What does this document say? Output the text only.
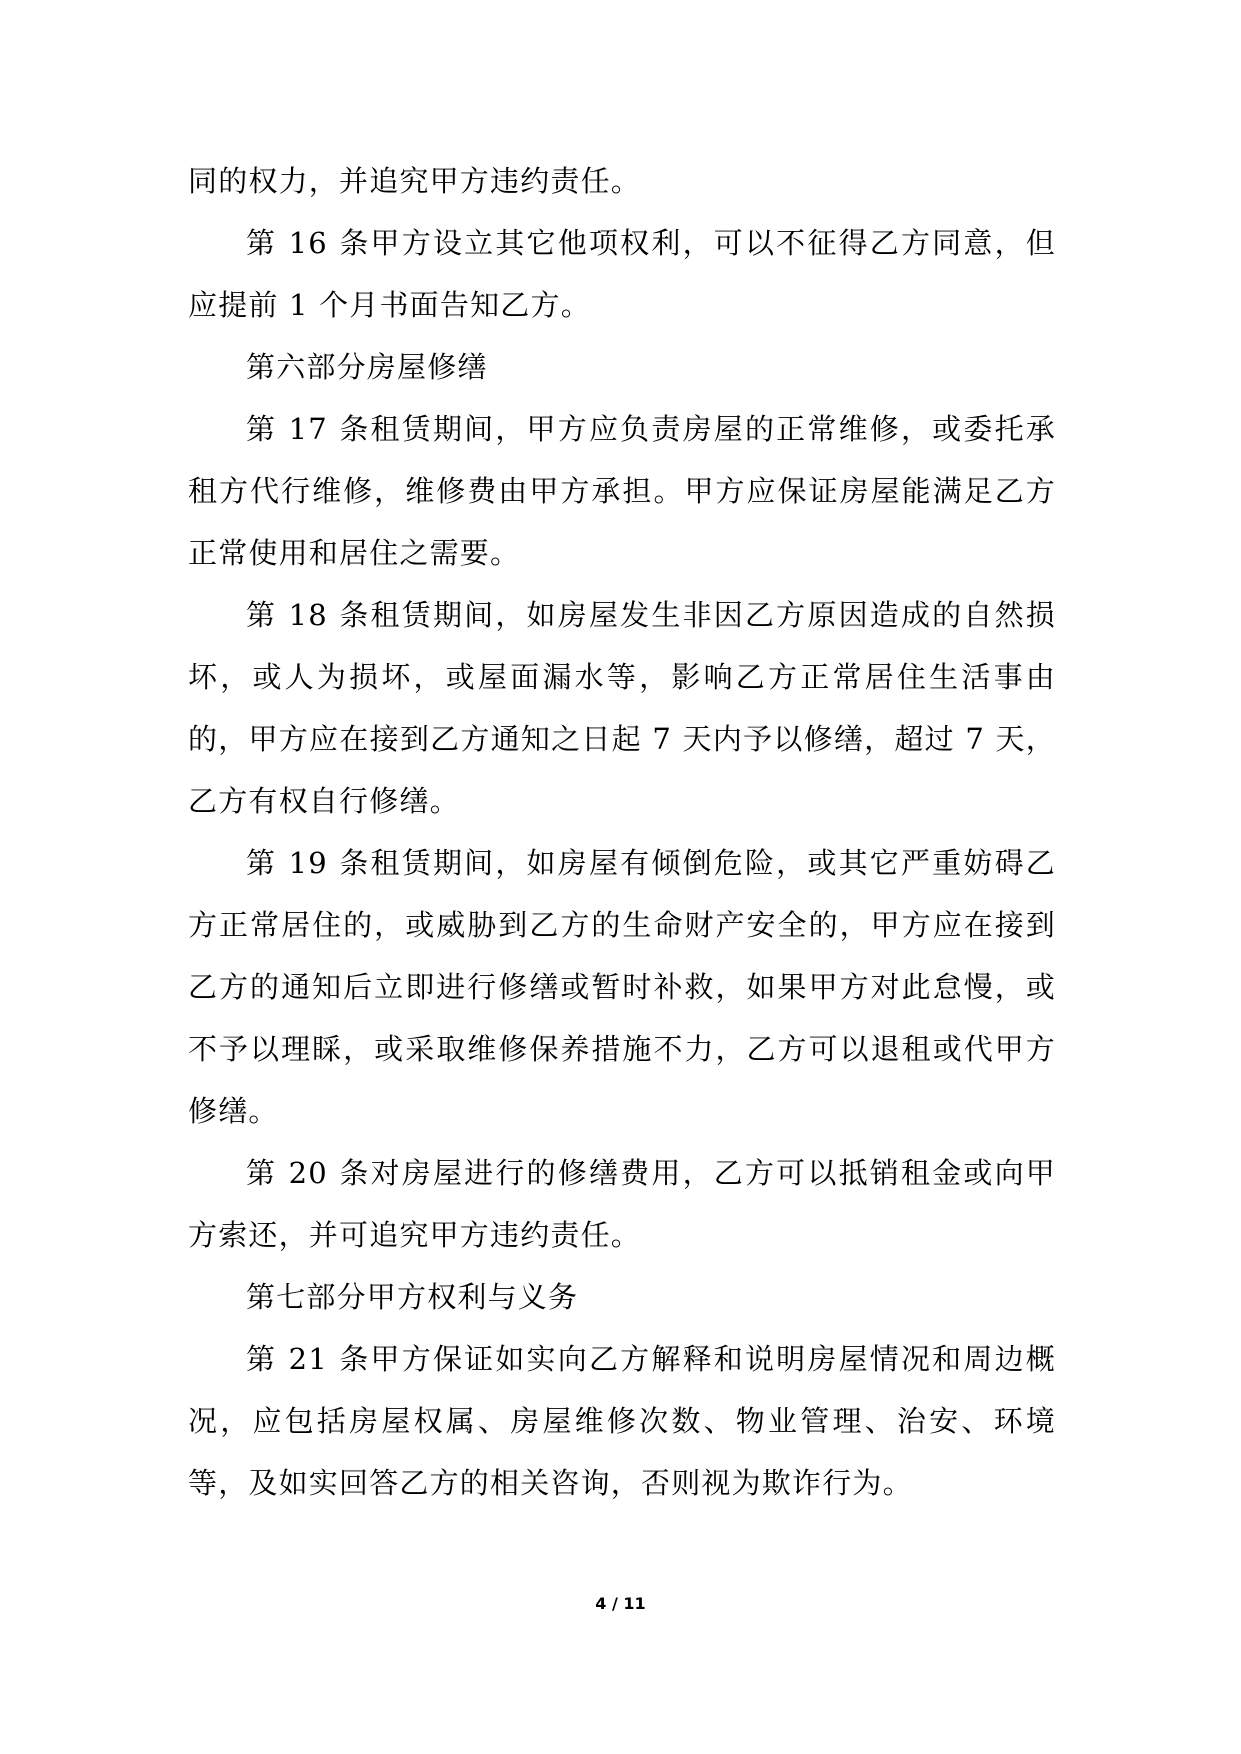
同的权力，并追究甲方违约责任。

第 16 条甲方设立其它他项权利，可以不征得乙方同意，但应提前 1 个月书面告知乙方。

第六部分房屋修缮

第 17 条租赁期间，甲方应负责房屋的正常维修，或委托承租方代行维修，维修费由甲方承担。甲方应保证房屋能满足乙方正常使用和居住之需要。

第 18 条租赁期间，如房屋发生非因乙方原因造成的自然损坏，或人为损坏，或屋面漏水等，影响乙方正常居住生活事由的，甲方应在接到乙方通知之日起 7 天内予以修缮，超过 7 天，乙方有权自行修缮。

第 19 条租赁期间，如房屋有倾倒危险，或其它严重妨碍乙方正常居住的，或威胁到乙方的生命财产安全的，甲方应在接到乙方的通知后立即进行修缮或暂时补救，如果甲方对此怠慢，或不予以理睬，或采取维修保养措施不力，乙方可以退租或代甲方修缮。

第 20 条对房屋进行的修缮费用，乙方可以抵销租金或向甲方索还，并可追究甲方违约责任。

第七部分甲方权利与义务

第 21 条甲方保证如实向乙方解释和说明房屋情况和周边概况，应包括房屋权属、房屋维修次数、物业管理、治安、环境等，及如实回答乙方的相关咨询，否则视为欺诈行为。

4 / 11
